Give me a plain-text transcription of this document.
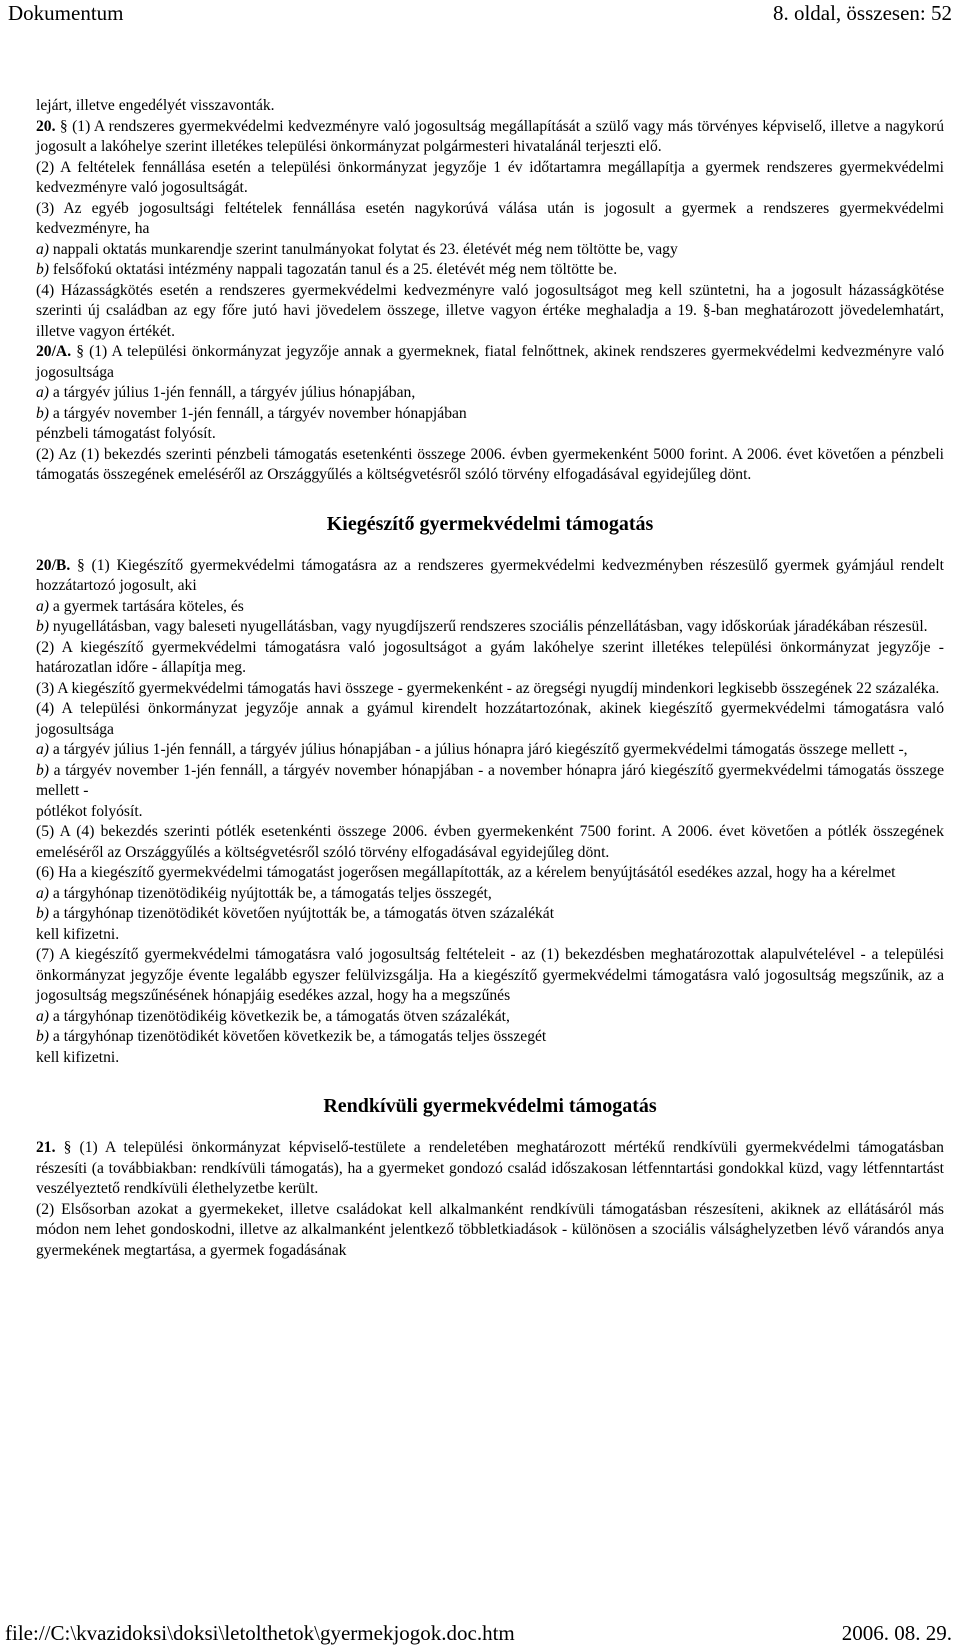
Dokumentum	8. oldal, összesen: 52

lejárt, illetve engedélyét visszavonták.

20. § (1) A rendszeres gyermekvédelmi kedvezményre való jogosultság megállapítását a szülő vagy más törvényes képviselő, illetve a nagykorú jogosult a lakóhelye szerint illetékes települési önkormányzat polgármesteri hivatalánál terjeszti elő.

(2) A feltételek fennállása esetén a települési önkormányzat jegyzője 1 év időtartamra megállapítja a gyermek rendszeres gyermekvédelmi kedvezményre való jogosultságát.

(3) Az egyéb jogosultsági feltételek fennállása esetén nagykorúvá válása után is jogosult a gyermek a rendszeres gyermekvédelmi kedvezményre, ha

a) nappali oktatás munkarendje szerint tanulmányokat folytat és 23. életévét még nem töltötte be, vagy

b) felsőfokú oktatási intézmény nappali tagozatán tanul és a 25. életévét még nem töltötte be.

(4) Házasságkötés esetén a rendszeres gyermekvédelmi kedvezményre való jogosultságot meg kell szüntetni, ha a jogosult házasságkötése szerinti új családban az egy főre jutó havi jövedelem összege, illetve vagyon értéke meghaladja a 19. §-ban meghatározott jövedelemhatárt, illetve vagyon értékét.

20/A. § (1) A települési önkormányzat jegyzője annak a gyermeknek, fiatal felnőttnek, akinek rendszeres gyermekvédelmi kedvezményre való jogosultsága

a) a tárgyév július 1-jén fennáll, a tárgyév július hónapjában,

b) a tárgyév november 1-jén fennáll, a tárgyév november hónapjában

pénzbeli támogatást folyósít.

(2) Az (1) bekezdés szerinti pénzbeli támogatás esetenkénti összege 2006. évben gyermekenként 5000 forint. A 2006. évet követően a pénzbeli támogatás összegének emeléséről az Országgyűlés a költségvetésről szóló törvény elfogadásával egyidejűleg dönt.

Kiegészítő gyermekvédelmi támogatás

20/B. § (1) Kiegészítő gyermekvédelmi támogatásra az a rendszeres gyermekvédelmi kedvezményben részesülő gyermek gyámjául rendelt hozzátartozó jogosult, aki

a) a gyermek tartására köteles, és

b) nyugellátásban, vagy baleseti nyugellátásban, vagy nyugdíjszerű rendszeres szociális pénzellátásban, vagy időskorúak járadékában részesül.

(2) A kiegészítő gyermekvédelmi támogatásra való jogosultságot a gyám lakóhelye szerint illetékes települési önkormányzat jegyzője - határozatlan időre - állapítja meg.

(3) A kiegészítő gyermekvédelmi támogatás havi összege - gyermekenként - az öregségi nyugdíj mindenkori legkisebb összegének 22 százaléka.

(4) A települési önkormányzat jegyzője annak a gyámul kirendelt hozzátartozónak, akinek kiegészítő gyermekvédelmi támogatásra való jogosultsága

a) a tárgyév július 1-jén fennáll, a tárgyév július hónapjában - a július hónapra járó kiegészítő gyermekvédelmi támogatás összege mellett -,

b) a tárgyév november 1-jén fennáll, a tárgyév november hónapjában - a november hónapra járó kiegészítő gyermekvédelmi támogatás összege mellett -

pótlékot folyósít.

(5) A (4) bekezdés szerinti pótlék esetenkénti összege 2006. évben gyermekenként 7500 forint. A 2006. évet követően a pótlék összegének emeléséről az Országgyűlés a költségvetésről szóló törvény elfogadásával egyidejűleg dönt.

(6) Ha a kiegészítő gyermekvédelmi támogatást jogerősen megállapították, az a kérelem benyújtásától esedékes azzal, hogy ha a kérelmet

a) a tárgyhónap tizenötödikéig nyújtották be, a támogatás teljes összegét,

b) a tárgyhónap tizenötödikét követően nyújtották be, a támogatás ötven százalékát

kell kifizetni.

(7) A kiegészítő gyermekvédelmi támogatásra való jogosultság feltételeit - az (1) bekezdésben meghatározottak alapulvételével - a települési önkormányzat jegyzője évente legalább egyszer felülvizsgálja. Ha a kiegészítő gyermekvédelmi támogatásra való jogosultság megszűnik, az a jogosultság megszűnésének hónapjáig esedékes azzal, hogy ha a megszűnés

a) a tárgyhónap tizenötödikéig következik be, a támogatás ötven százalékát,

b) a tárgyhónap tizenötödikét követően következik be, a támogatás teljes összegét

kell kifizetni.

Rendkívüli gyermekvédelmi támogatás

21. § (1) A települési önkormányzat képviselő-testülete a rendeletében meghatározott mértékű rendkívüli gyermekvédelmi támogatásban részesíti (a továbbiakban: rendkívüli támogatás), ha a gyermeket gondozó család időszakosan létfenntartási gondokkal küzd, vagy létfenntartást veszélyeztető rendkívüli élethelyzetbe került.

(2) Elsősorban azokat a gyermekeket, illetve családokat kell alkalmanként rendkívüli támogatásban részesíteni, akiknek az ellátásáról más módon nem lehet gondoskodni, illetve az alkalmanként jelentkező többletkiadások - különösen a szociális válsághelyzetben lévő várandós anya gyermekének megtartása, a gyermek fogadásának

file://C:\kvazidoksi\doksi\letolthetok\gyermekjogok.doc.htm	2006. 08. 29.
